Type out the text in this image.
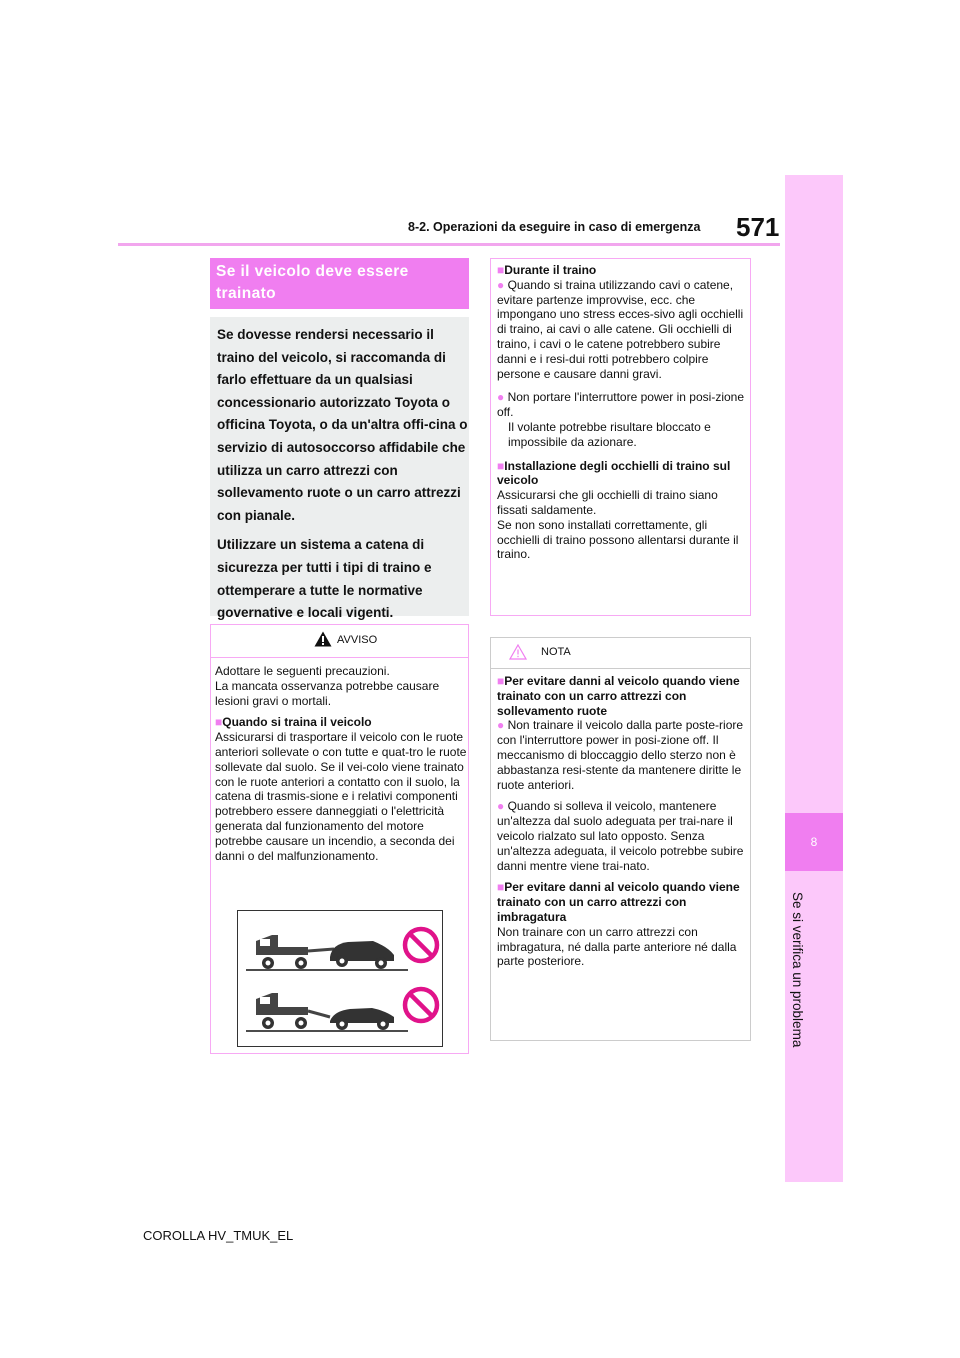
8-2. Operazioni da eseguire in caso di emergenza 571
8
Se si verifica un problema
Se il veicolo deve essere trainato

Se dovesse rendersi necessario il traino del veicolo, si raccomanda di farlo effettuare da un qualsiasi concessionario autorizzato Toyota o officina Toyota, o da un'altra offi-cina o servizio di autosoccorso affidabile che utilizza un carro attrezzi con sollevamento ruote o un carro attrezzi con pianale.

Utilizzare un sistema a catena di sicurezza per tutti i tipi di traino e ottemperare a tutte le normative governative e locali vigenti.

AVVISO

Adottare le seguenti precauzioni.

La mancata osservanza potrebbe causare lesioni gravi o mortali.

■Quando si traina il veicolo

Assicurarsi di trasportare il veicolo con le ruote anteriori sollevate o con tutte e quat-tro le ruote sollevate dal suolo. Se il vei-colo viene trainato con le ruote anteriori a contatto con il suolo, la catena di trasmis-sione e i relativi componenti potrebbero essere danneggiati o l'elettricità generata dal funzionamento del motore potrebbe causare un incendio, a seconda dei danni o del malfunzionamento.

■Durante il traino

● Quando si traina utilizzando cavi o catene, evitare partenze improvvise, ecc. che impongano uno stress ecces-sivo agli occhielli di traino, ai cavi o alle catene. Gli occhielli di traino, i cavi o le catene potrebbero subire danni e i resi-dui rotti potrebbero colpire persone e causare danni gravi.

● Non portare l'interruttore power in posi-zione off.

Il volante potrebbe risultare bloccato e impossibile da azionare.

■Installazione degli occhielli di traino sul veicolo

Assicurarsi che gli occhielli di traino siano fissati saldamente.

Se non sono installati correttamente, gli occhielli di traino possono allentarsi durante il traino.

NOTA

■Per evitare danni al veicolo quando viene trainato con un carro attrezzi con sollevamento ruote

● Non trainare il veicolo dalla parte poste-riore con l'interruttore power in posi-zione off. Il meccanismo di bloccaggio dello sterzo non è abbastanza resi-stente da mantenere diritte le ruote anteriori.

● Quando si solleva il veicolo, mantenere un'altezza dal suolo adeguata per trai-nare il veicolo rialzato sul lato opposto. Senza un'altezza adeguata, il veicolo potrebbe subire danni mentre viene trai-nato.

■Per evitare danni al veicolo quando viene trainato con un carro attrezzi con imbragatura

Non trainare con un carro attrezzi con imbragatura, né dalla parte anteriore né dalla parte posteriore.

COROLLA HV_TMUK_EL
